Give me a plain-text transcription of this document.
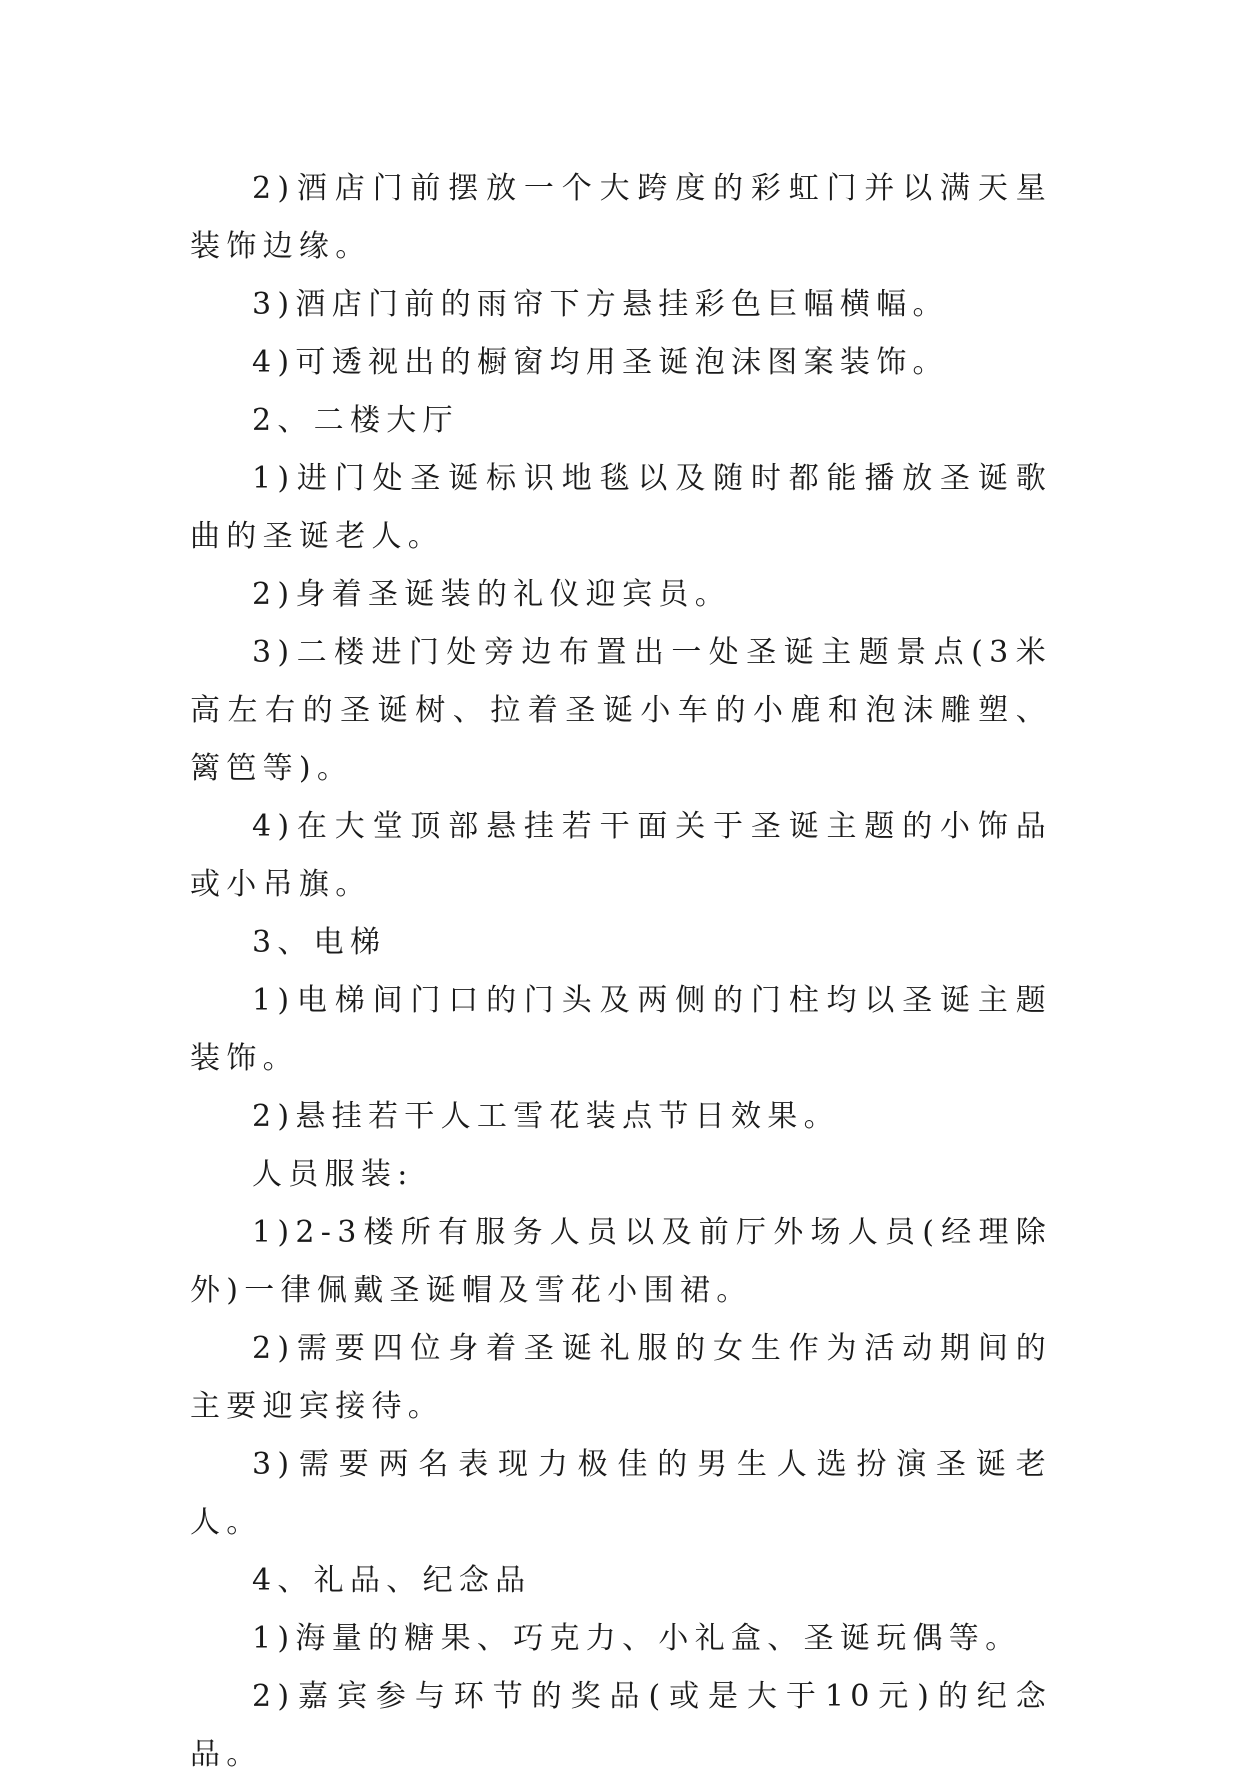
2)酒店门前摆放一个大跨度的彩虹门并以满天星装饰边缘。

3)酒店门前的雨帘下方悬挂彩色巨幅横幅。

4)可透视出的橱窗均用圣诞泡沫图案装饰。

2、二楼大厅

1)进门处圣诞标识地毯以及随时都能播放圣诞歌曲的圣诞老人。

2)身着圣诞装的礼仪迎宾员。

3)二楼进门处旁边布置出一处圣诞主题景点(3米高左右的圣诞树、拉着圣诞小车的小鹿和泡沫雕塑、篱笆等)。

4)在大堂顶部悬挂若干面关于圣诞主题的小饰品或小吊旗。

3、电梯

1)电梯间门口的门头及两侧的门柱均以圣诞主题装饰。

2)悬挂若干人工雪花装点节日效果。

人员服装:

1)2-3楼所有服务人员以及前厅外场人员(经理除外)一律佩戴圣诞帽及雪花小围裙。

2)需要四位身着圣诞礼服的女生作为活动期间的主要迎宾接待。

3)需要两名表现力极佳的男生人选扮演圣诞老人。

4、礼品、纪念品

1)海量的糖果、巧克力、小礼盒、圣诞玩偶等。

2)嘉宾参与环节的奖品(或是大于10元)的纪念品。
